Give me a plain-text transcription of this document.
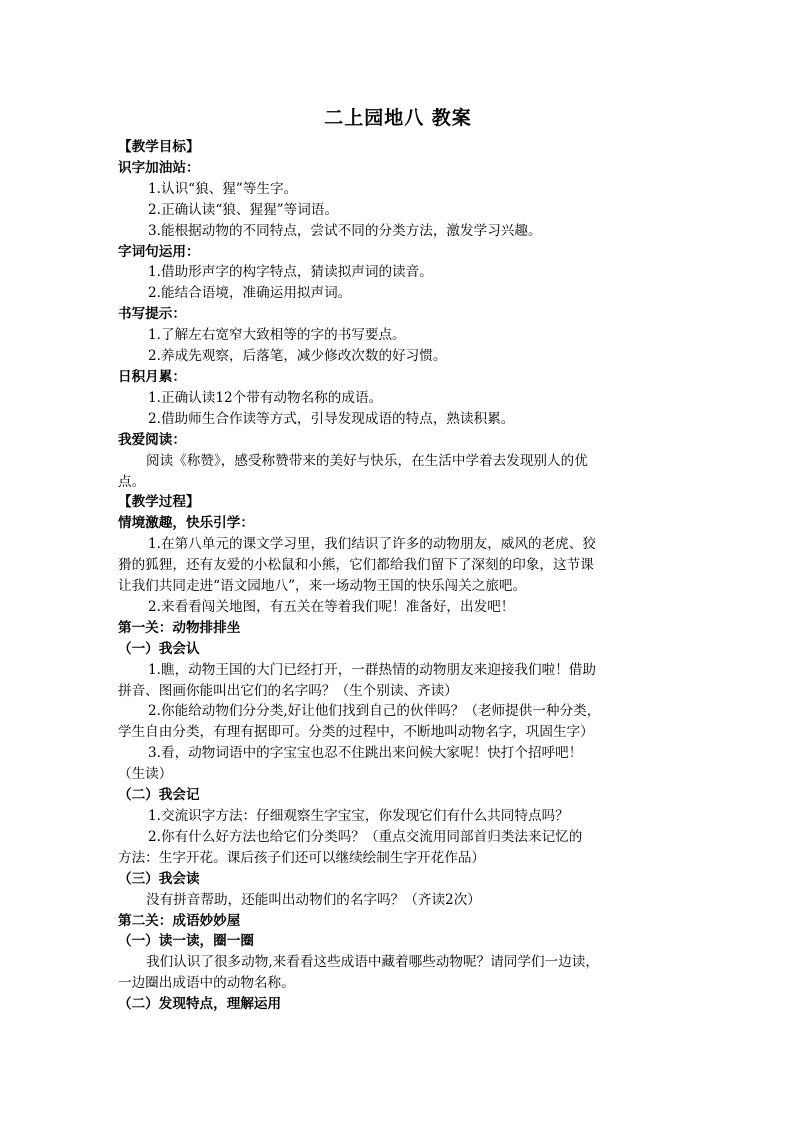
二上园地八 教案
【教学目标】
识字加油站：
1.认识“狼、猩”等生字。
2.正确认读“狼、猩猩”等词语。
3.能根据动物的不同特点，尝试不同的分类方法，激发学习兴趣。
字词句运用：
1.借助形声字的构字特点，猜读拟声词的读音。
2.能结合语境，准确运用拟声词。
书写提示：
1.了解左右宽窄大致相等的字的书写要点。
2.养成先观察，后落笔，减少修改次数的好习惯。
日积月累：
1.正确认读12个带有动物名称的成语。
2.借助师生合作读等方式，引导发现成语的特点，熟读积累。
我爱阅读：
阅读《称赞》，感受称赞带来的美好与快乐，在生活中学着去发现别人的优
点。
【教学过程】
情境激趣，快乐引学：
1.在第八单元的课文学习里，我们结识了许多的动物朋友，威风的老虎、狡
猾的狐狸，还有友爱的小松鼠和小熊，它们都给我们留下了深刻的印象，这节课
让我们共同走进“语文园地八”，来一场动物王国的快乐闯关之旅吧。
2.来看看闯关地图，有五关在等着我们呢！准备好，出发吧！
第一关：动物排排坐
（一）我会认
1.瞧，动物王国的大门已经打开，一群热情的动物朋友来迎接我们啦！借助
拼音、图画你能叫出它们的名字吗？（生个别读、齐读）
2.你能给动物们分分类,好让他们找到自己的伙伴吗？（老师提供一种分类，
学生自由分类，有理有据即可。分类的过程中，不断地叫动物名字，巩固生字）
3.看，动物词语中的字宝宝也忍不住跳出来问候大家呢！快打个招呼吧！
（生读）
（二）我会记
1.交流识字方法：仔细观察生字宝宝，你发现它们有什么共同特点吗？
2.你有什么好方法也给它们分类吗？（重点交流用同部首归类法来记忆的
方法：生字开花。课后孩子们还可以继续绘制生字开花作品）
（三）我会读
没有拼音帮助，还能叫出动物们的名字吗？（齐读2次）
第二关：成语妙妙屋
（一）读一读，圈一圈
我们认识了很多动物,来看看这些成语中藏着哪些动物呢？请同学们一边读，
一边圈出成语中的动物名称。
（二）发现特点，理解运用
